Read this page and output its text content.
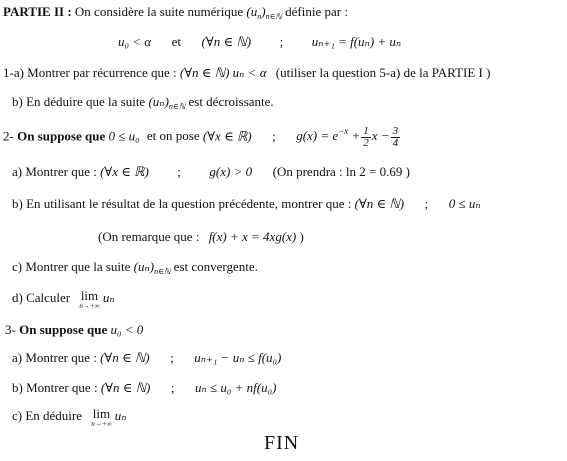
PARTIE II : On considère la suite numérique $(u_n)_{n\in ℕ}$ définie par :
u₀ < α et (∀n ∈ ℕ) ; uₙ₊₁ = f(uₙ) + uₙ
1-a) Montrer par récurrence que : (∀n ∈ ℕ) uₙ < α (utiliser la question 5-a) de la PARTIE I )
b) En déduire que la suite $(u_n)_{n\in ℕ}$ est décroissante.
2- On suppose que 0 ≤ u₀ et on pose (∀x ∈ ℝ) ; $g(x) = e^{-x} + \frac{1}{2}$ $x - \frac{3}{4}$
a) Montrer que : (∀x ∈ ℝ) ; g(x) > 0 (On prendra : ln 2 = 0.69 )
b) En utilisant le résultat de la question précédente, montrer que : (∀n ∈ ℕ) ; 0 ≤ uₙ
(On remarque que : f(x) + x = 4xg(x) )
c) Montrer que la suite $(u_n)_{n\in ℕ}$ est convergente.
d) Calculer lim
n→+∞
uₙ
3- On suppose que u₀ < 0
a) Montrer que : (∀n ∈ ℕ) ; uₙ₊₁ − uₙ ≤ f(u₀)
b) Montrer que : (∀n ∈ ℕ) ; uₙ ≤ u₀ + nf(u₀)
c) En déduire lim
n→+∞
uₙ
FIN
